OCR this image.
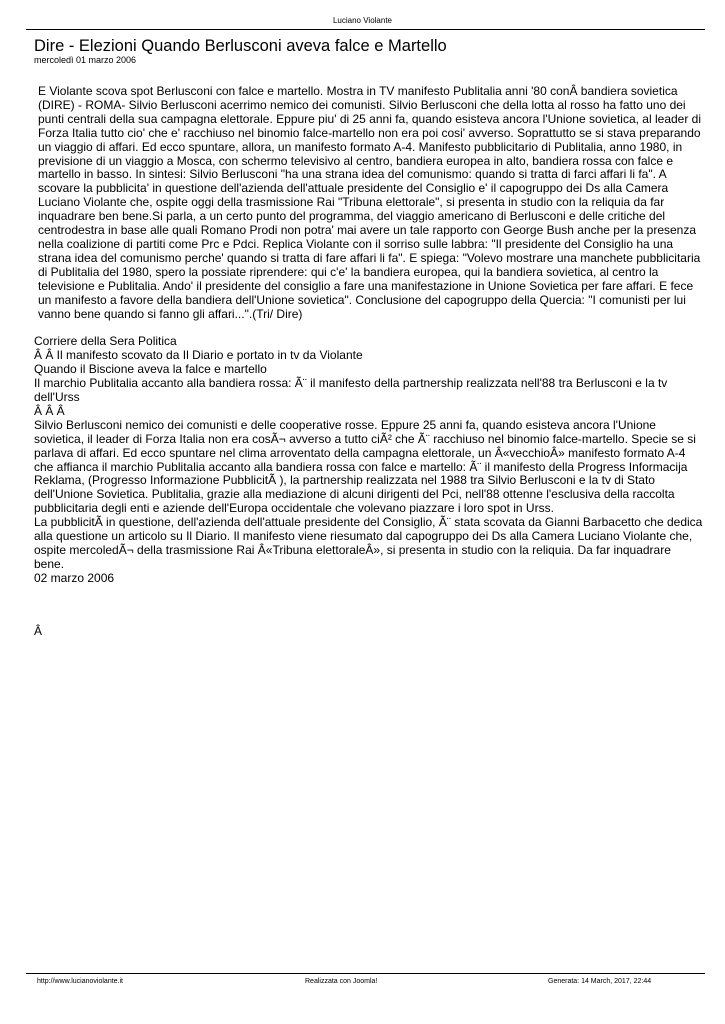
Luciano Violante
Dire - Elezioni Quando Berlusconi aveva falce e Martello
mercoledì 01 marzo 2006

E Violante scova spot Berlusconi con falce e martello. Mostra in TV manifesto Publitalia anni '80 conÂ bandiera sovietica (DIRE) - ROMA- Silvio Berlusconi acerrimo nemico dei comunisti. Silvio Berlusconi che della lotta al rosso ha fatto uno dei punti centrali della sua campagna elettorale. Eppure piu' di 25 anni fa, quando esisteva ancora l'Unione sovietica, al leader di Forza Italia tutto cio' che e' racchiuso nel binomio falce-martello non era poi cosi' avverso. Soprattutto se si stava preparando un viaggio di affari. Ed ecco spuntare, allora, un manifesto formato A-4. Manifesto pubblicitario di Publitalia, anno 1980, in previsione di un viaggio a Mosca, con schermo televisivo al centro, bandiera europea in alto, bandiera rossa con falce e martello in basso. In sintesi: Silvio Berlusconi "ha una strana idea del comunismo: quando si tratta di farci affari li fa". A scovare la pubblicita' in questione dell'azienda dell'attuale presidente del Consiglio e' il capogruppo dei Ds alla Camera Luciano Violante che, ospite oggi della trasmissione Rai "Tribuna elettorale", si presenta in studio con la reliquia da far inquadrare ben bene.Si parla, a un certo punto del programma, del viaggio americano di Berlusconi e delle critiche del centrodestra in base alle quali Romano Prodi non potra' mai avere un tale rapporto con George Bush anche per la presenza nella coalizione di partiti come Prc e Pdci. Replica Violante con il sorriso sulle labbra: "Il presidente del Consiglio ha una strana idea del comunismo perche' quando si tratta di fare affari li fa". E spiega: "Volevo mostrare una manchete pubblicitaria di Publitalia del 1980, spero la possiate riprendere: qui c'e' la bandiera europea, qui la bandiera sovietica, al centro la televisione e Publitalia. Ando' il presidente del consiglio a fare una manifestazione in Unione Sovietica per fare affari. E fece un manifesto a favore della bandiera dell'Unione sovietica". Conclusione del capogruppo della Quercia: "I comunisti per lui vanno bene quando si fanno gli affari...".(Tri/ Dire)

Corriere della Sera Politica

Â Â Il manifesto scovato da Il Diario e portato in tv da Violante

Quando il Biscione aveva la falce e martello

Il marchio Publitalia accanto alla bandiera rossa: Ã¨ il manifesto della partnership realizzata nell'88 tra Berlusconi e la tv dell'Urss

Â Â Â

Silvio Berlusconi nemico dei comunisti e delle cooperative rosse. Eppure 25 anni fa, quando esisteva ancora l'Unione sovietica, il leader di Forza Italia non era cosÃ¬ avverso a tutto ciÃ² che Ã¨ racchiuso nel binomio falce-martello. Specie se si parlava di affari. Ed ecco spuntare nel clima arroventato della campagna elettorale, un Â«vecchioÂ» manifesto formato A-4 che affianca il marchio Publitalia accanto alla bandiera rossa con falce e martello: Ã¨ il manifesto della Progress Informacija Reklama, (Progresso Informazione PubblicitÃ ), la partnership realizzata nel 1988 tra Silvio Berlusconi e la tv di Stato dell'Unione Sovietica. Publitalia, grazie alla mediazione di alcuni dirigenti del Pci, nell'88 ottenne l'esclusiva della raccolta pubblicitaria degli enti e aziende dell'Europa occidentale che volevano piazzare i loro spot in Urss.

La pubblicitÃ in questione, dell'azienda dell'attuale presidente del Consiglio, Ã¨ stata scovata da Gianni Barbacetto che dedica alla questione un articolo su Il Diario. Il manifesto viene riesumato dal capogruppo dei Ds alla Camera Luciano Violante che, ospite mercoledÃ¬ della trasmissione Rai Â«Tribuna elettoraleÂ», si presenta in studio con la reliquia. Da far inquadrare bene.

02 marzo 2006

Â

http://www.lucianoviolante.it	Realizzata con Joomla!	Generata: 14 March, 2017, 22:44
